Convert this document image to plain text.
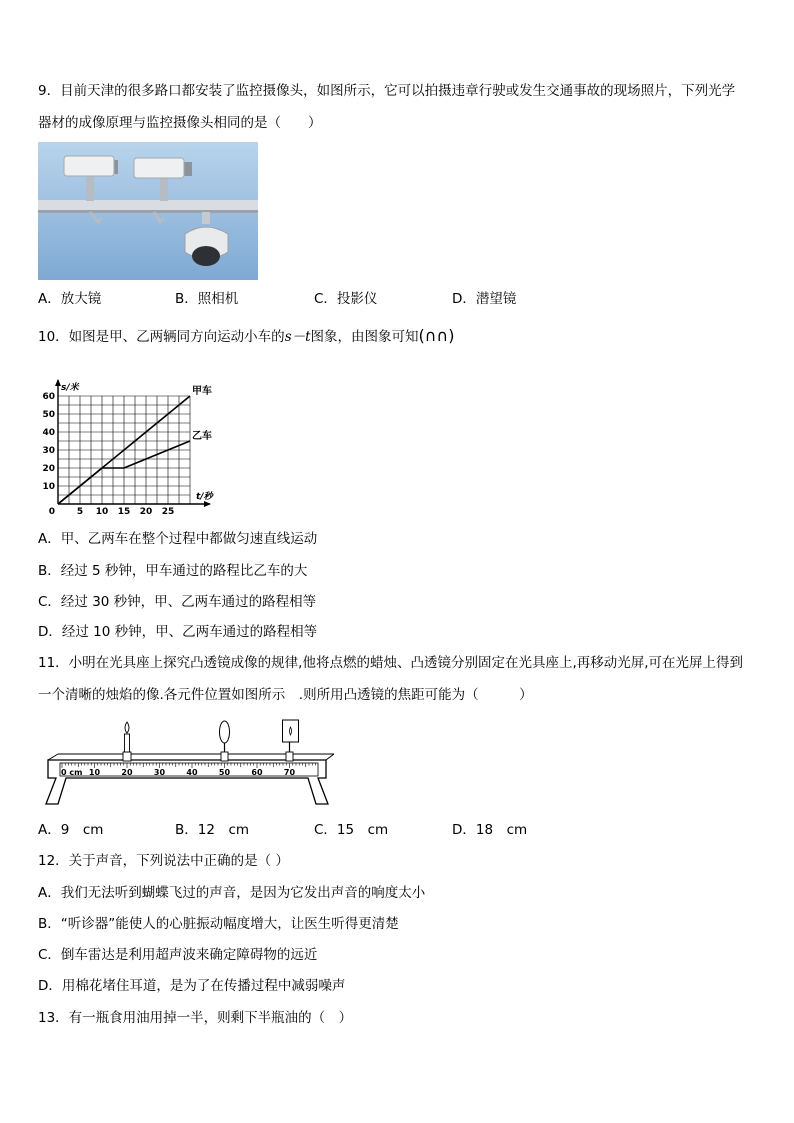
9．目前天津的很多路口都安装了监控摄像头，如图所示，它可以拍摄违章行驶或发生交通事故的现场照片，下列光学
器材的成像原理与监控摄像头相同的是（　　）
A．放大镜	B．照相机	C．投影仪	D．潜望镜
10．如图是甲、乙两辆同方向运动小车的s－t图象，由图象可知(∩∩)
10
20
30
40
50
60
0 5 10 15 20 25
s/米
t/秒
甲车
乙车
A．甲、乙两车在整个过程中都做匀速直线运动
B．经过 5 秒钟，甲车通过的路程比乙车的大
C．经过 30 秒钟，甲、乙两车通过的路程相等
D．经过 10 秒钟，甲、乙两车通过的路程相等
11．小明在光具座上探究凸透镜成像的规律,他将点燃的蜡烛、凸透镜分别固定在光具座上,再移动光屏,可在光屏上得到
一个清晰的烛焰的像.各元件位置如图所示　.则所用凸透镜的焦距可能为（　　　）
0 cm 10	20	30	40	50	60	70
A．9　cm	B．12　cm	C．15　cm	D．18　cm
12．关于声音，下列说法中正确的是（ ）
A．我们无法听到蝴蝶飞过的声音，是因为它发出声音的响度太小
B．“听诊器”能使人的心脏振动幅度增大，让医生听得更清楚
C．倒车雷达是利用超声波来确定障碍物的远近
D．用棉花堵住耳道，是为了在传播过程中减弱噪声
13．有一瓶食用油用掉一半，则剩下半瓶油的（　）
